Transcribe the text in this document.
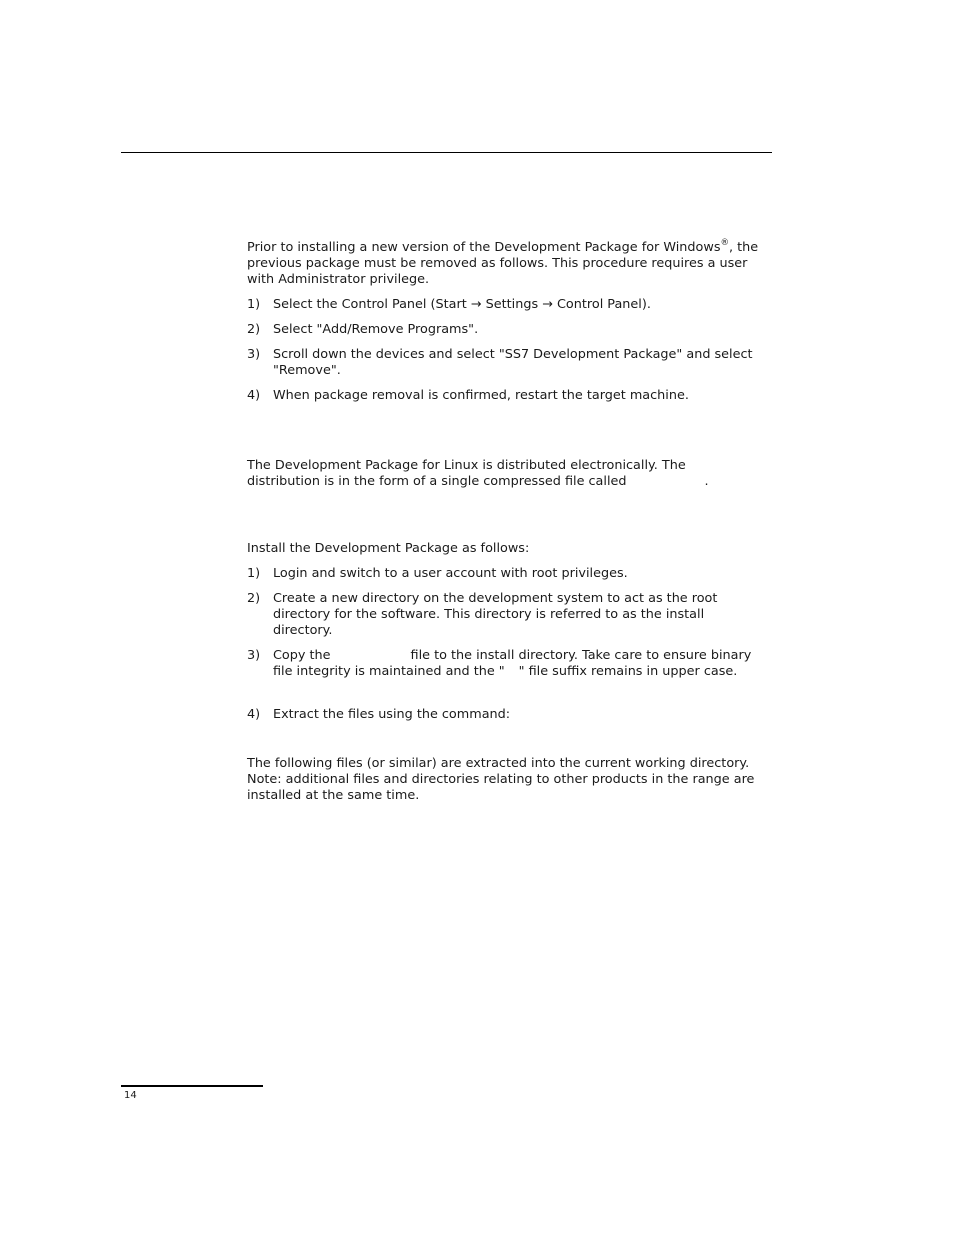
Prior to installing a new version of the Development Package for Windows®, the previous package must be removed as follows. This procedure requires a user with Administrator privilege.

1)	Select the Control Panel (Start → Settings → Control Panel).
2)	Select "Add/Remove Programs".
3)	Scroll down the devices and select "SS7 Development Package" and select "Remove".
4)	When package removal is confirmed, restart the target machine.

The Development Package for Linux is distributed electronically. The distribution is in the form of a single compressed file called	.

Install the Development Package as follows:

1)	Login and switch to a user account with root privileges.
2)	Create a new directory on the development system to act as the root directory for the software. This directory is referred to as the install directory.
3)	Copy the	file to the install directory. Take care to ensure binary file integrity is maintained and the " " file suffix remains in upper case.
4)	Extract the files using the command:

The following files (or similar) are extracted into the current working directory. Note: additional files and directories relating to other products in the range are installed at the same time.

14
